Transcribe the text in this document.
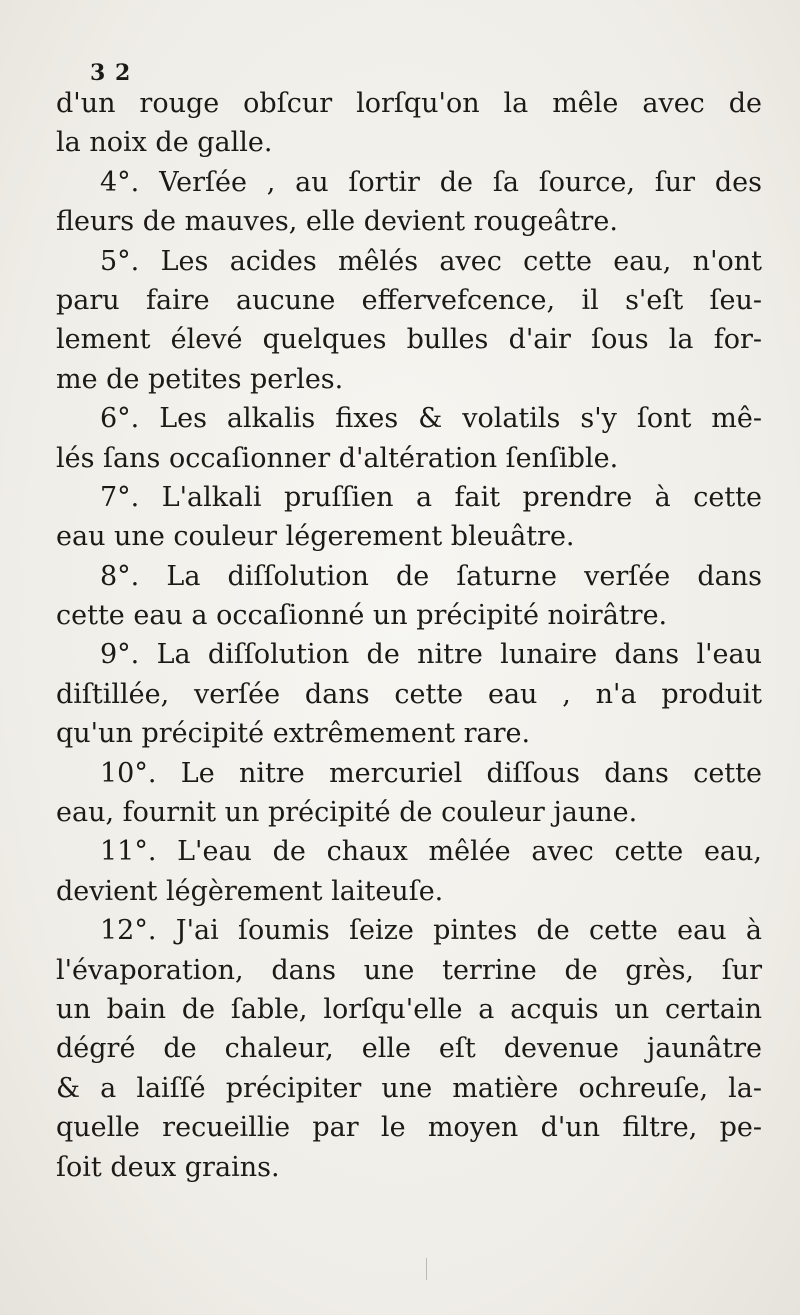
3 2
d'un rouge obſcur lorſqu'on la mêle avec de
la noix de galle.
4°. Verſée , au ſortir de ſa ſource, ſur des
fleurs de mauves, elle devient rougeâtre.
5°. Les acides mêlés avec cette eau, n'ont
paru faire aucune effervefcence, il s'eſt ſeu-
lement élevé quelques bulles d'air ſous la for-
me de petites perles.
6°. Les alkalis fixes & volatils s'y ſont mê-
lés ſans occaſionner d'altération ſenſible.
7°. L'alkali pruſſien a fait prendre à cette
eau une couleur légerement bleuâtre.
8°. La diſſolution de ſaturne verſée dans
cette eau a occaſionné un précipité noirâtre.
9°. La diſſolution de nitre lunaire dans l'eau
diſtillée, verſée dans cette eau , n'a produit
qu'un précipité extrêmement rare.
10°. Le nitre mercuriel diſſous dans cette
eau, fournit un précipité de couleur jaune.
11°. L'eau de chaux mêlée avec cette eau,
devient légèrement laiteuſe.
12°. J'ai ſoumis ſeize pintes de cette eau à
l'évaporation, dans une terrine de grès, ſur
un bain de ſable, lorſqu'elle a acquis un certain
dégré de chaleur, elle eſt devenue jaunâtre
& a laiſſé précipiter une matière ochreuſe, la-
quelle recueillie par le moyen d'un filtre, pe-
ſoit deux grains.
